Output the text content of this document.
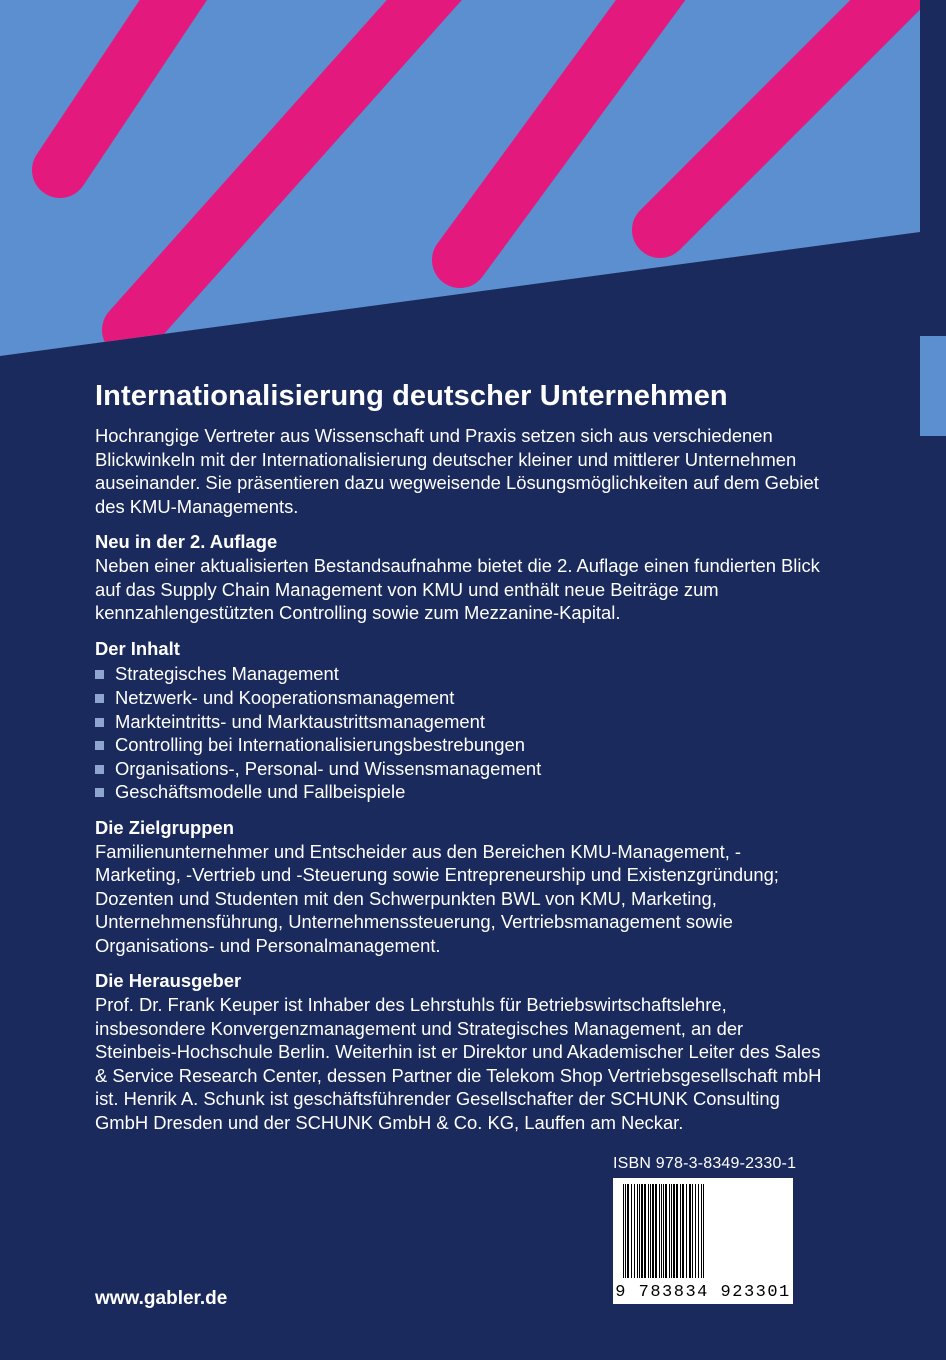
Internationalisierung deutscher Unternehmen

Hochrangige Vertreter aus Wissenschaft und Praxis setzen sich aus verschiedenen Blickwinkeln mit der Internationalisierung deutscher kleiner und mittlerer Unternehmen auseinander. Sie präsentieren dazu wegweisende Lösungsmöglichkeiten auf dem Gebiet des KMU-Managements.

Neu in der 2. Auflage

Neben einer aktualisierten Bestandsaufnahme bietet die 2. Auflage einen fundierten Blick auf das Supply Chain Management von KMU und enthält neue Beiträge zum kennzahlengestützten Controlling sowie zum Mezzanine-Kapital.

Der Inhalt
Strategisches Management
Netzwerk- und Kooperationsmanagement
Markteintritts- und Marktaustrittsmanagement
Controlling bei Internationalisierungsbestrebungen
Organisations-, Personal- und Wissensmanagement
Geschäftsmodelle und Fallbeispiele
Die Zielgruppen

Familienunternehmer und Entscheider aus den Bereichen KMU-Management, -Marketing, -Vertrieb und -Steuerung sowie Entrepreneurship und Existenzgründung; Dozenten und Studenten mit den Schwerpunkten BWL von KMU, Marketing, Unternehmensführung, Unternehmenssteuerung, Vertriebsmanagement sowie Organisations- und Personalmanagement.

Die Herausgeber

Prof. Dr. Frank Keuper ist Inhaber des Lehrstuhls für Betriebswirtschaftslehre, insbesondere Konvergenzmanagement und Strategisches Management, an der Steinbeis-Hochschule Berlin. Weiterhin ist er Direktor und Akademischer Leiter des Sales & Service Research Center, dessen Partner die Telekom Shop Vertriebsgesellschaft mbH ist. Henrik A. Schunk ist geschäftsführender Gesellschafter der SCHUNK Consulting GmbH Dresden und der SCHUNK GmbH & Co. KG, Lauffen am Neckar.

ISBN 978-3-8349-2330-1
9 783834 923301
www.gabler.de
